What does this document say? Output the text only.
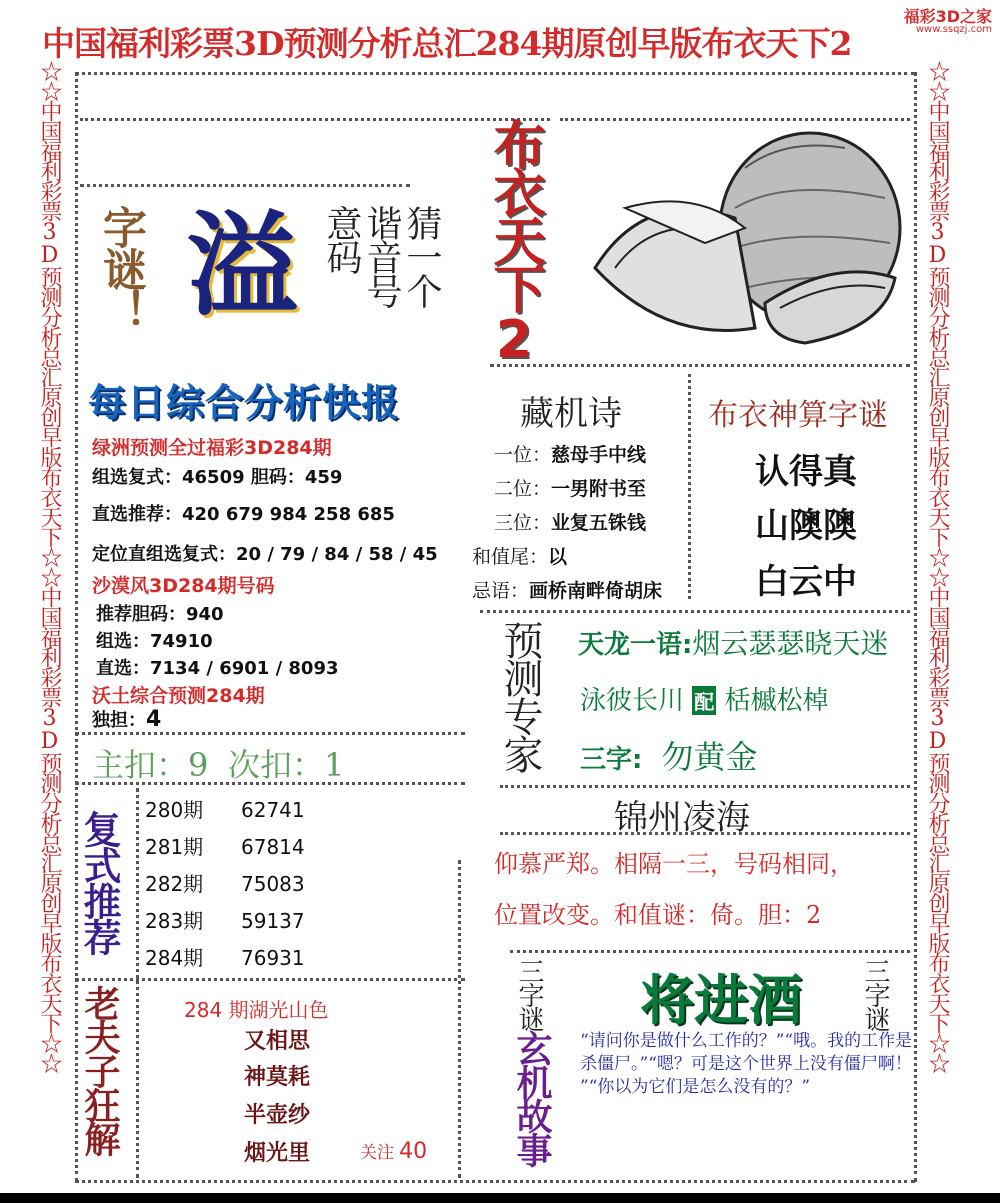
中国福利彩票3D预测分析总汇284期原创早版布衣天下2
福彩3D之家
www.ssqzj.com
☆☆中国福利彩票3D预测分析总汇原创早版布衣天下☆☆中国福利彩票3D预测分析总汇原创早版布衣天下☆☆	☆☆中国福利彩票3D预测分析总汇原创早版布衣天下☆☆中国福利彩票3D预测分析总汇原创早版布衣天下☆☆
字谜！ 溢	猜一个
谐音号
意码 布衣天下2
每日综合分析快报
绿洲预测全过福彩3D284期
组选复式：46509 胆码：459
直选推荐：420 679 984 258 685
定位直组选复式：20 / 79 / 84 / 58 / 45
沙漠风3D284期号码
推荐胆码：940
组选：74910
直选：7134 / 6901 / 8093
沃土综合预测284期
独担：4
主扣：9 次扣：1
藏机诗
一位：慈母手中线
二位：一男附书至
三位：业复五铢钱
和值尾：以
忌语：画桥南畔倚胡床
布衣神算字谜
认得真
山隩隩
白云中
预测专家 天龙一语:烟云瑟瑟晓天迷
泳彼长川 配 栝槭松棹
三字: 勿黄金
锦州凌海
仰慕严郑。相隔一三，号码相同，
位置改变。和值谜：倚。胆：2
复式推荐 280期 62741
281期 67814
282期 75083
283期 59137
284期 76931
老夫子狂解	284 期湖光山色
又相思
神莫耗
半壶纱
烟光里	关注 40
三字谜	三字谜
将进酒
玄机故事 “请问你是做什么工作的？”“哦。我的工作是杀僵尸。”“嗯？可是这个世界上没有僵尸啊！ ”“你以为它们是怎么没有的？”
